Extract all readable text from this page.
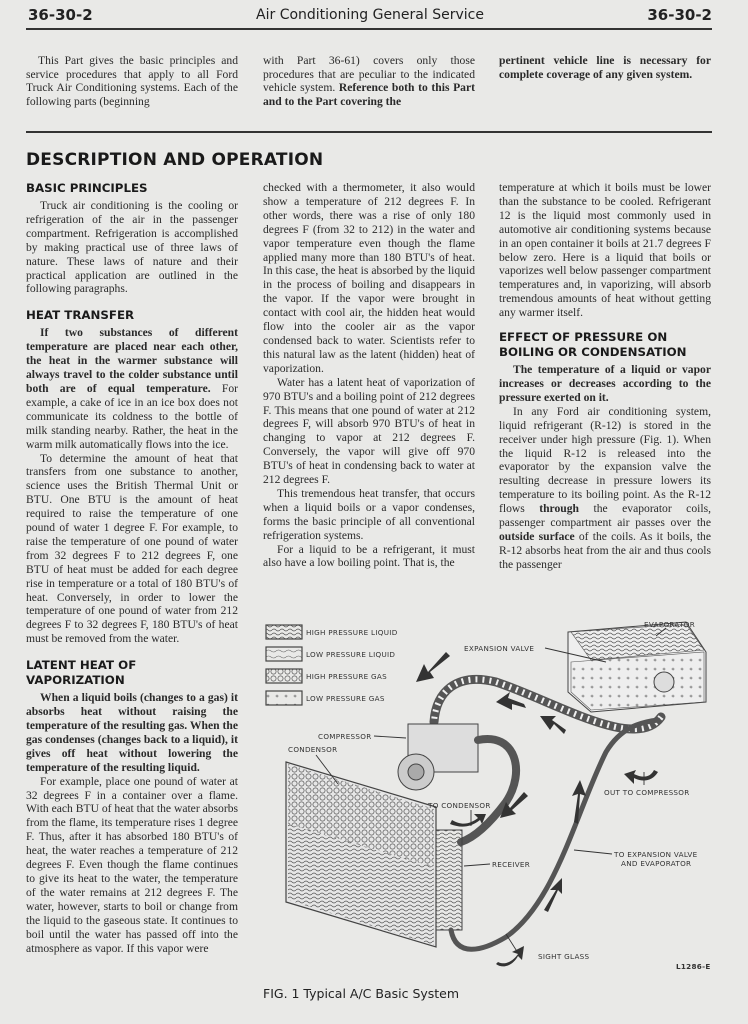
36-30-2	Air Conditioning General Service	36-30-2

This Part gives the basic principles and service procedures that apply to all Ford Truck Air Conditioning systems. Each of the following parts (beginning

with Part 36-61) covers only those procedures that are peculiar to the indicated vehicle system. Reference both to this Part and to the Part covering the

pertinent vehicle line is necessary for complete coverage of any given system.

DESCRIPTION AND OPERATION
BASIC PRINCIPLES

Truck air conditioning is the cooling or refrigeration of the air in the passenger compartment. Refrigeration is accomplished by making practical use of three laws of nature. These laws of nature and their practical application are outlined in the following paragraphs.

HEAT TRANSFER

If two substances of different temperature are placed near each other, the heat in the warmer substance will always travel to the colder substance until both are of equal temperature. For example, a cake of ice in an ice box does not communicate its coldness to the bottle of milk standing nearby. Rather, the heat in the warm milk automatically flows into the ice.

To determine the amount of heat that transfers from one substance to another, science uses the British Thermal Unit or BTU. One BTU is the amount of heat required to raise the temperature of one pound of water 1 degree F. For example, to raise the temperature of one pound of water from 32 degrees F to 212 degrees F, one BTU of heat must be added for each degree rise in temperature or a total of 180 BTU's of heat. Conversely, in order to lower the temperature of one pound of water from 212 degrees F to 32 degrees F, 180 BTU's of heat must be removed from the water.

LATENT HEAT OF VAPORIZATION

When a liquid boils (changes to a gas) it absorbs heat without raising the temperature of the resulting gas. When the gas condenses (changes back to a liquid), it gives off heat without lowering the temperature of the resulting liquid.

For example, place one pound of water at 32 degrees F in a container over a flame. With each BTU of heat that the water absorbs from the flame, its temperature rises 1 degree F. Thus, after it has absorbed 180 BTU's of heat, the water reaches a temperature of 212 degrees F. Even though the flame continues to give its heat to the water, the temperature of the water remains at 212 degrees F. The water, however, starts to boil or change from the liquid to the gaseous state. It continues to boil until the water has passed off into the atmosphere as vapor. If this vapor were

checked with a thermometer, it also would show a temperature of 212 degrees F. In other words, there was a rise of only 180 degrees F (from 32 to 212) in the water and vapor temperature even though the flame applied many more than 180 BTU's of heat. In this case, the heat is absorbed by the liquid in the process of boiling and disappears in the vapor. If the vapor were brought in contact with cool air, the hidden heat would flow into the cooler air as the vapor condensed back to water. Scientists refer to this natural law as the latent (hidden) heat of vaporization.

Water has a latent heat of vaporization of 970 BTU's and a boiling point of 212 degrees F. This means that one pound of water at 212 degrees F, will absorb 970 BTU's of heat in changing to vapor at 212 degrees F. Conversely, the vapor will give off 970 BTU's of heat in condensing back to water at 212 degrees F.

This tremendous heat transfer, that occurs when a liquid boils or a vapor condenses, forms the basic principle of all conventional refrigeration systems.

For a liquid to be a refrigerant, it must also have a low boiling point. That is, the

temperature at which it boils must be lower than the substance to be cooled. Refrigerant 12 is the liquid most commonly used in automotive air conditioning systems because in an open container it boils at 21.7 degrees F below zero. Here is a liquid that boils or vaporizes well below passenger compartment temperatures and, in vaporizing, will absorb tremendous amounts of heat without getting any warmer itself.

EFFECT OF PRESSURE ON
BOILING OR CONDENSATION

The temperature of a liquid or vapor increases or decreases according to the pressure exerted on it.

In any Ford air conditioning system, liquid refrigerant (R-12) is stored in the receiver under high pressure (Fig. 1). When the liquid R-12 is released into the evaporator by the expansion valve the resulting decrease in pressure lowers its temperature to its boiling point. As the R-12 flows through the evaporator coils, passenger compartment air passes over the outside surface of the coils. As it boils, the R-12 absorbs heat from the air and thus cools the passenger

HIGH PRESSURE LIQUID
LOW PRESSURE LIQUID
HIGH PRESSURE GAS
LOW PRESSURE GAS
EVAPORATOR
EXPANSION VALVE
COMPRESSOR
CONDENSOR
TO CONDENSOR
OUT TO COMPRESSOR
TO EXPANSION VALVE
AND EVAPORATOR
RECEIVER
SIGHT GLASS
L1286-E
FIG. 1 Typical A/C Basic System
